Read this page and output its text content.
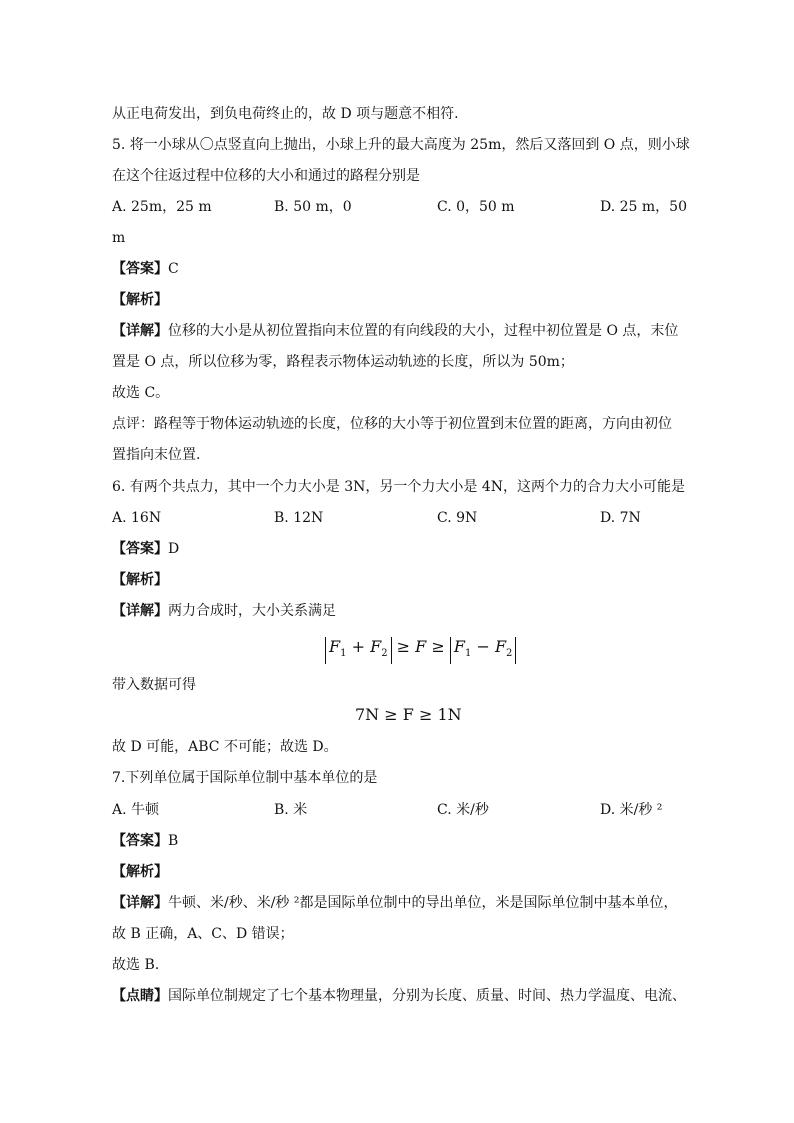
从正电荷发出，到负电荷终止的，故 D 项与题意不相符.
5. 将一小球从〇点竖直向上抛出，小球上升的最大高度为 25m，然后又落回到 O 点，则小球
在这个往返过程中位移的大小和通过的路程分别是
A. 25m，25 m	B. 50 m，0	C. 0，50 m	D. 25 m，50
m
【答案】C
【解析】
【详解】位移的大小是从初位置指向末位置的有向线段的大小，过程中初位置是 O 点，末位
置是 O 点，所以位移为零，路程表示物体运动轨迹的长度，所以为 50m；
故选 C。
点评：路程等于物体运动轨迹的长度，位移的大小等于初位置到末位置的距离，方向由初位
置指向末位置.
6. 有两个共点力，其中一个力大小是 3N，另一个力大小是 4N，这两个力的合力大小可能是
A. 16N	B. 12N	C. 9N	D. 7N
【答案】D
【解析】
【详解】两力合成时，大小关系满足
$F_1 + F_2 \ge F \ge F_1 - F_2$
带入数据可得
7N ≥ F ≥ 1N
故 D 可能，ABC 不可能；故选 D。
7.下列单位属于国际单位制中基本单位的是
A. 牛顿	B. 米	C. 米/秒	D. 米/秒 ²
【答案】B
【解析】
【详解】牛顿、米/秒、米/秒 ²都是国际单位制中的导出单位，米是国际单位制中基本单位，
故 B 正确，A、C、D 错误；
故选 B.
【点睛】国际单位制规定了七个基本物理量，分别为长度、质量、时间、热力学温度、电流、
